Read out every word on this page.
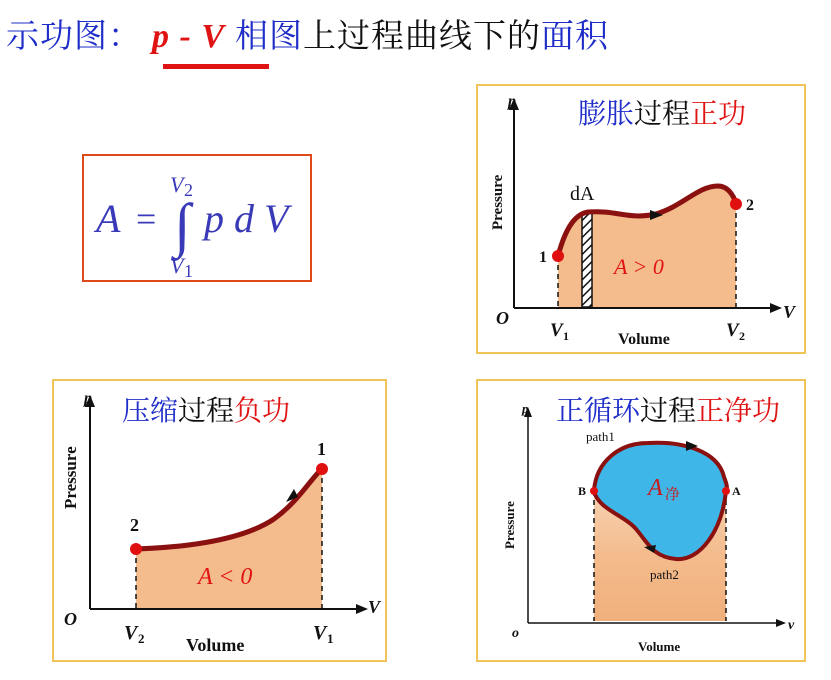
示功图： p - V 相图上过程曲线下的面积
A =
V 2
∫
V 1
p d V
p
V
O
Pressure
Volume
V 1	V 2
1
2
dA
A > 0
膨胀过程正功
p
V
O
Pressure
Volume
V 2	V 1
2
1
A < 0
压缩过程负功	p
v
o
Pressure
Volume
path1
path2
B	A
A 净
正循环过程正净功
